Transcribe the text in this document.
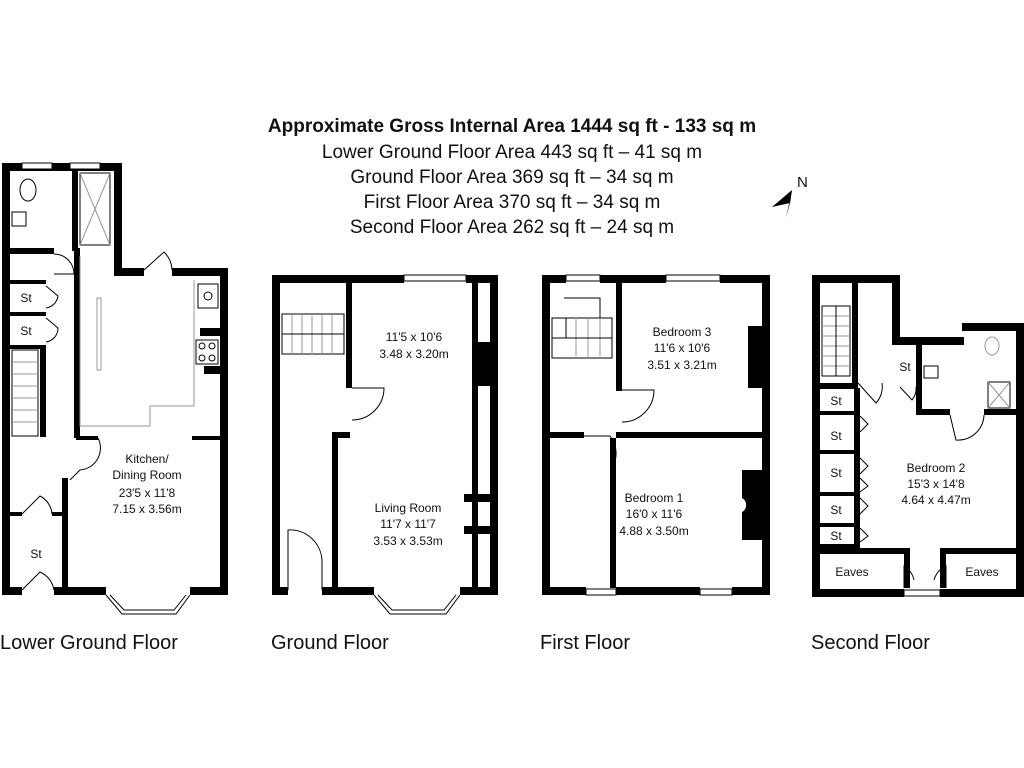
Approximate Gross Internal Area 1444 sq ft - 133 sq m
Lower Ground Floor Area 443 sq ft – 41 sq m
Ground Floor Area 369 sq ft – 34 sq m
First Floor Area 370 sq ft – 34 sq m
Second Floor Area 262 sq ft – 24 sq m
N
St
St
St
Kitchen/
Dining Room
23'5 x 11'8
7.15 x 3.56m
11'5 x 10'6
3.48 x 3.20m
Living Room
11'7 x 11'7
3.53 x 3.53m
Bedroom 3
11'6 x 10'6
3.51 x 3.21m
Bedroom 1
16'0 x 11'6
4.88 x 3.50m
St
St
St
St
St
St
Bedroom 2
15'3 x 14'8
4.64 x 4.47m
Eaves	Eaves
Lower Ground Floor	Ground Floor	First Floor	Second Floor
